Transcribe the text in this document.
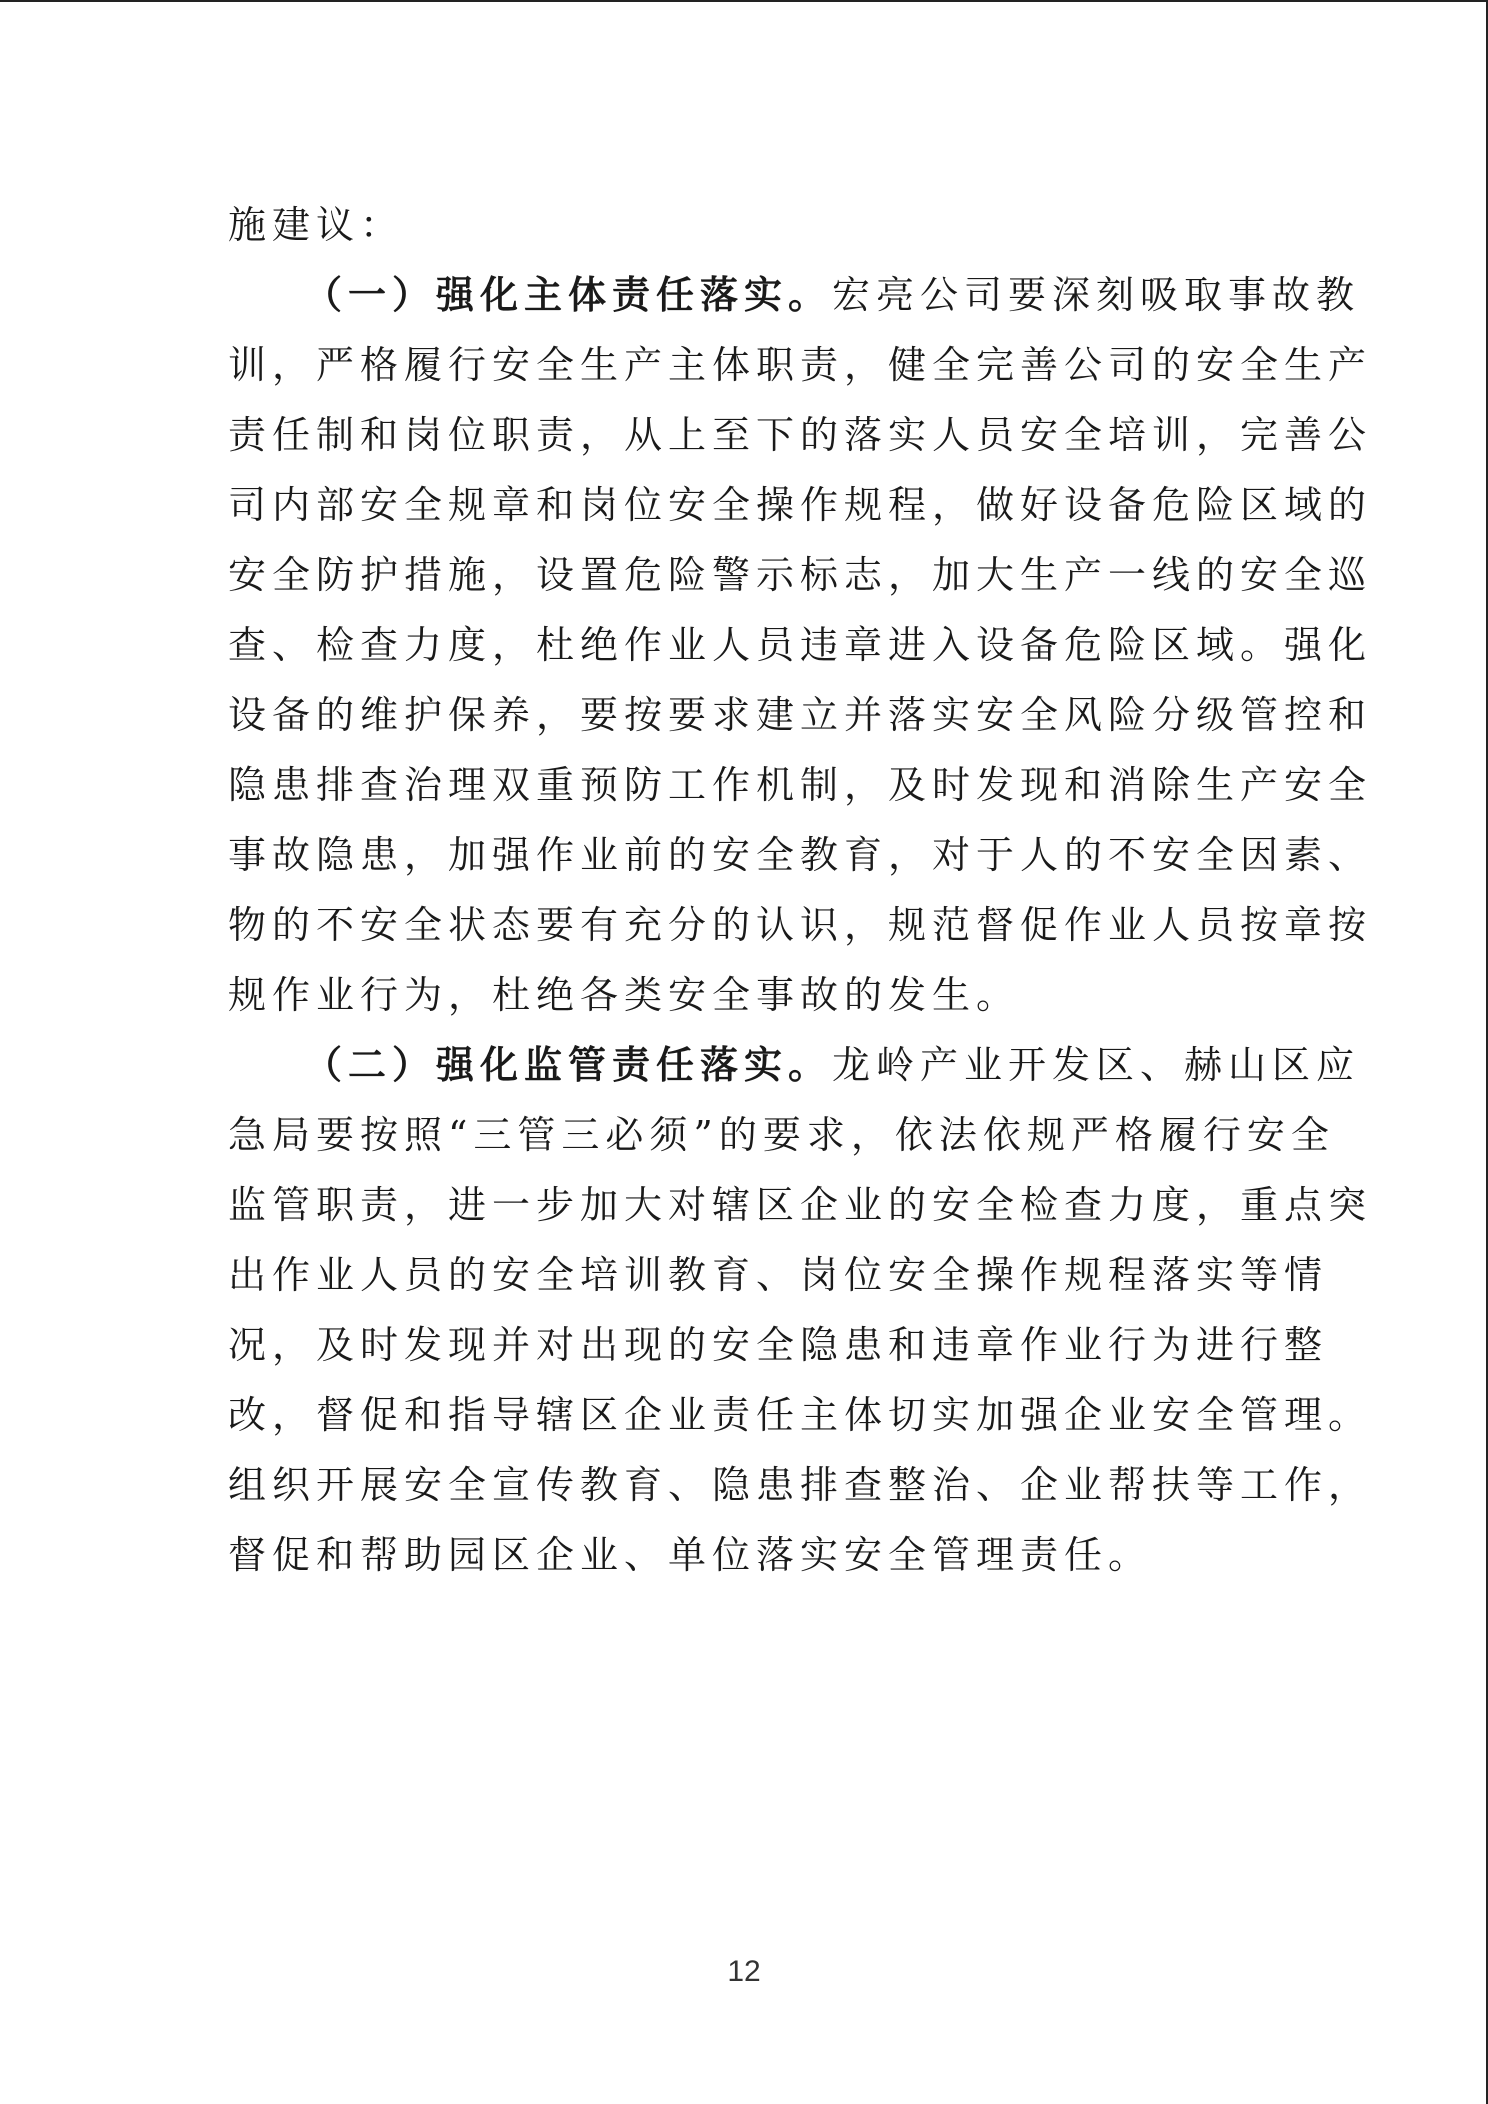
施建议：

（一）强化主体责任落实。宏亮公司要深刻吸取事故教

训，严格履行安全生产主体职责，健全完善公司的安全生产

责任制和岗位职责，从上至下的落实人员安全培训，完善公

司内部安全规章和岗位安全操作规程，做好设备危险区域的

安全防护措施，设置危险警示标志，加大生产一线的安全巡

查、检查力度，杜绝作业人员违章进入设备危险区域。强化

设备的维护保养，要按要求建立并落实安全风险分级管控和

隐患排查治理双重预防工作机制，及时发现和消除生产安全

事故隐患，加强作业前的安全教育，对于人的不安全因素、

物的不安全状态要有充分的认识，规范督促作业人员按章按

规作业行为，杜绝各类安全事故的发生。

（二）强化监管责任落实。龙岭产业开发区、赫山区应

急局要按照“三管三必须”的要求，依法依规严格履行安全

监管职责，进一步加大对辖区企业的安全检查力度，重点突

出作业人员的安全培训教育、岗位安全操作规程落实等情

况，及时发现并对出现的安全隐患和违章作业行为进行整

改，督促和指导辖区企业责任主体切实加强企业安全管理。

组织开展安全宣传教育、隐患排查整治、企业帮扶等工作，

督促和帮助园区企业、单位落实安全管理责任。

12
